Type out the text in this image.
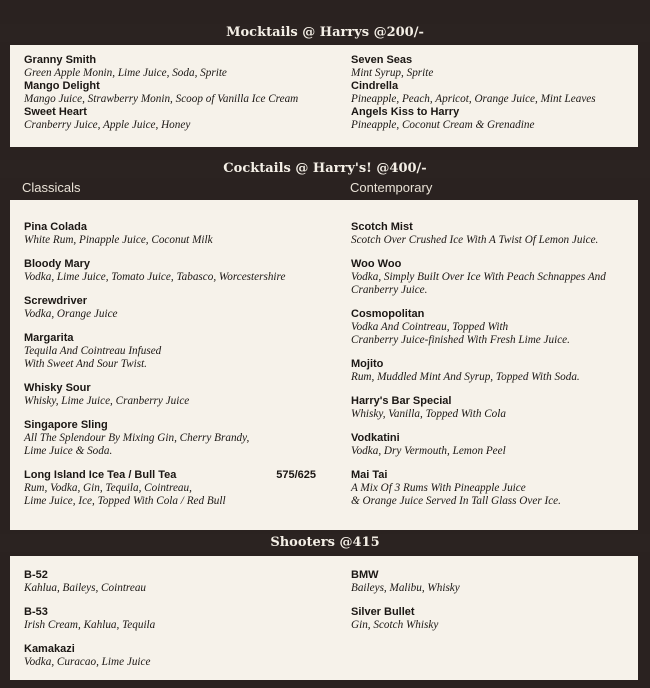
Mocktails @ Harrys @200/-
Granny Smith
Green Apple Monin, Lime Juice, Soda, Sprite
Mango Delight
Mango Juice, Strawberry Monin, Scoop of Vanilla Ice Cream
Sweet Heart
Cranberry Juice, Apple Juice, Honey
Seven Seas
Mint Syrup, Sprite
Cindrella
Pineapple, Peach, Apricot, Orange Juice, Mint Leaves
Angels Kiss to Harry
Pineapple, Coconut Cream & Grenadine
Cocktails @ Harry's! @400/-
Classicals	Contemporary
Pina Colada
White Rum, Pinapple Juice, Coconut Milk
Bloody Mary
Vodka, Lime Juice, Tomato Juice, Tabasco, Worcestershire
Screwdriver
Vodka, Orange Juice
Margarita
Tequila And Cointreau Infused
With Sweet And Sour Twist.
Whisky Sour
Whisky, Lime Juice, Cranberry Juice
Singapore Sling
All The Splendour By Mixing Gin, Cherry Brandy,
Lime Juice & Soda.
Long Island Ice Tea / Bull Tea	575/625
Rum, Vodka, Gin, Tequila, Cointreau,
Lime Juice, Ice, Topped With Cola / Red Bull
Scotch Mist
Scotch Over Crushed Ice With A Twist Of Lemon Juice.
Woo Woo
Vodka, Simply Built Over Ice With Peach Schnappes And
Cranberry Juice.
Cosmopolitan
Vodka And Cointreau, Topped With
Cranberry Juice-finished With Fresh Lime Juice.
Mojito
Rum, Muddled Mint And Syrup, Topped With Soda.
Harry's Bar Special
Whisky, Vanilla, Topped With Cola
Vodkatini
Vodka, Dry Vermouth, Lemon Peel
Mai Tai
A Mix Of 3 Rums With Pineapple Juice
& Orange Juice Served In Tall Glass Over Ice.
Shooters @415
B-52
Kahlua, Baileys, Cointreau
B-53
Irish Cream, Kahlua, Tequila
Kamakazi
Vodka, Curacao, Lime Juice
BMW
Baileys, Malibu, Whisky
Silver Bullet
Gin, Scotch Whisky
